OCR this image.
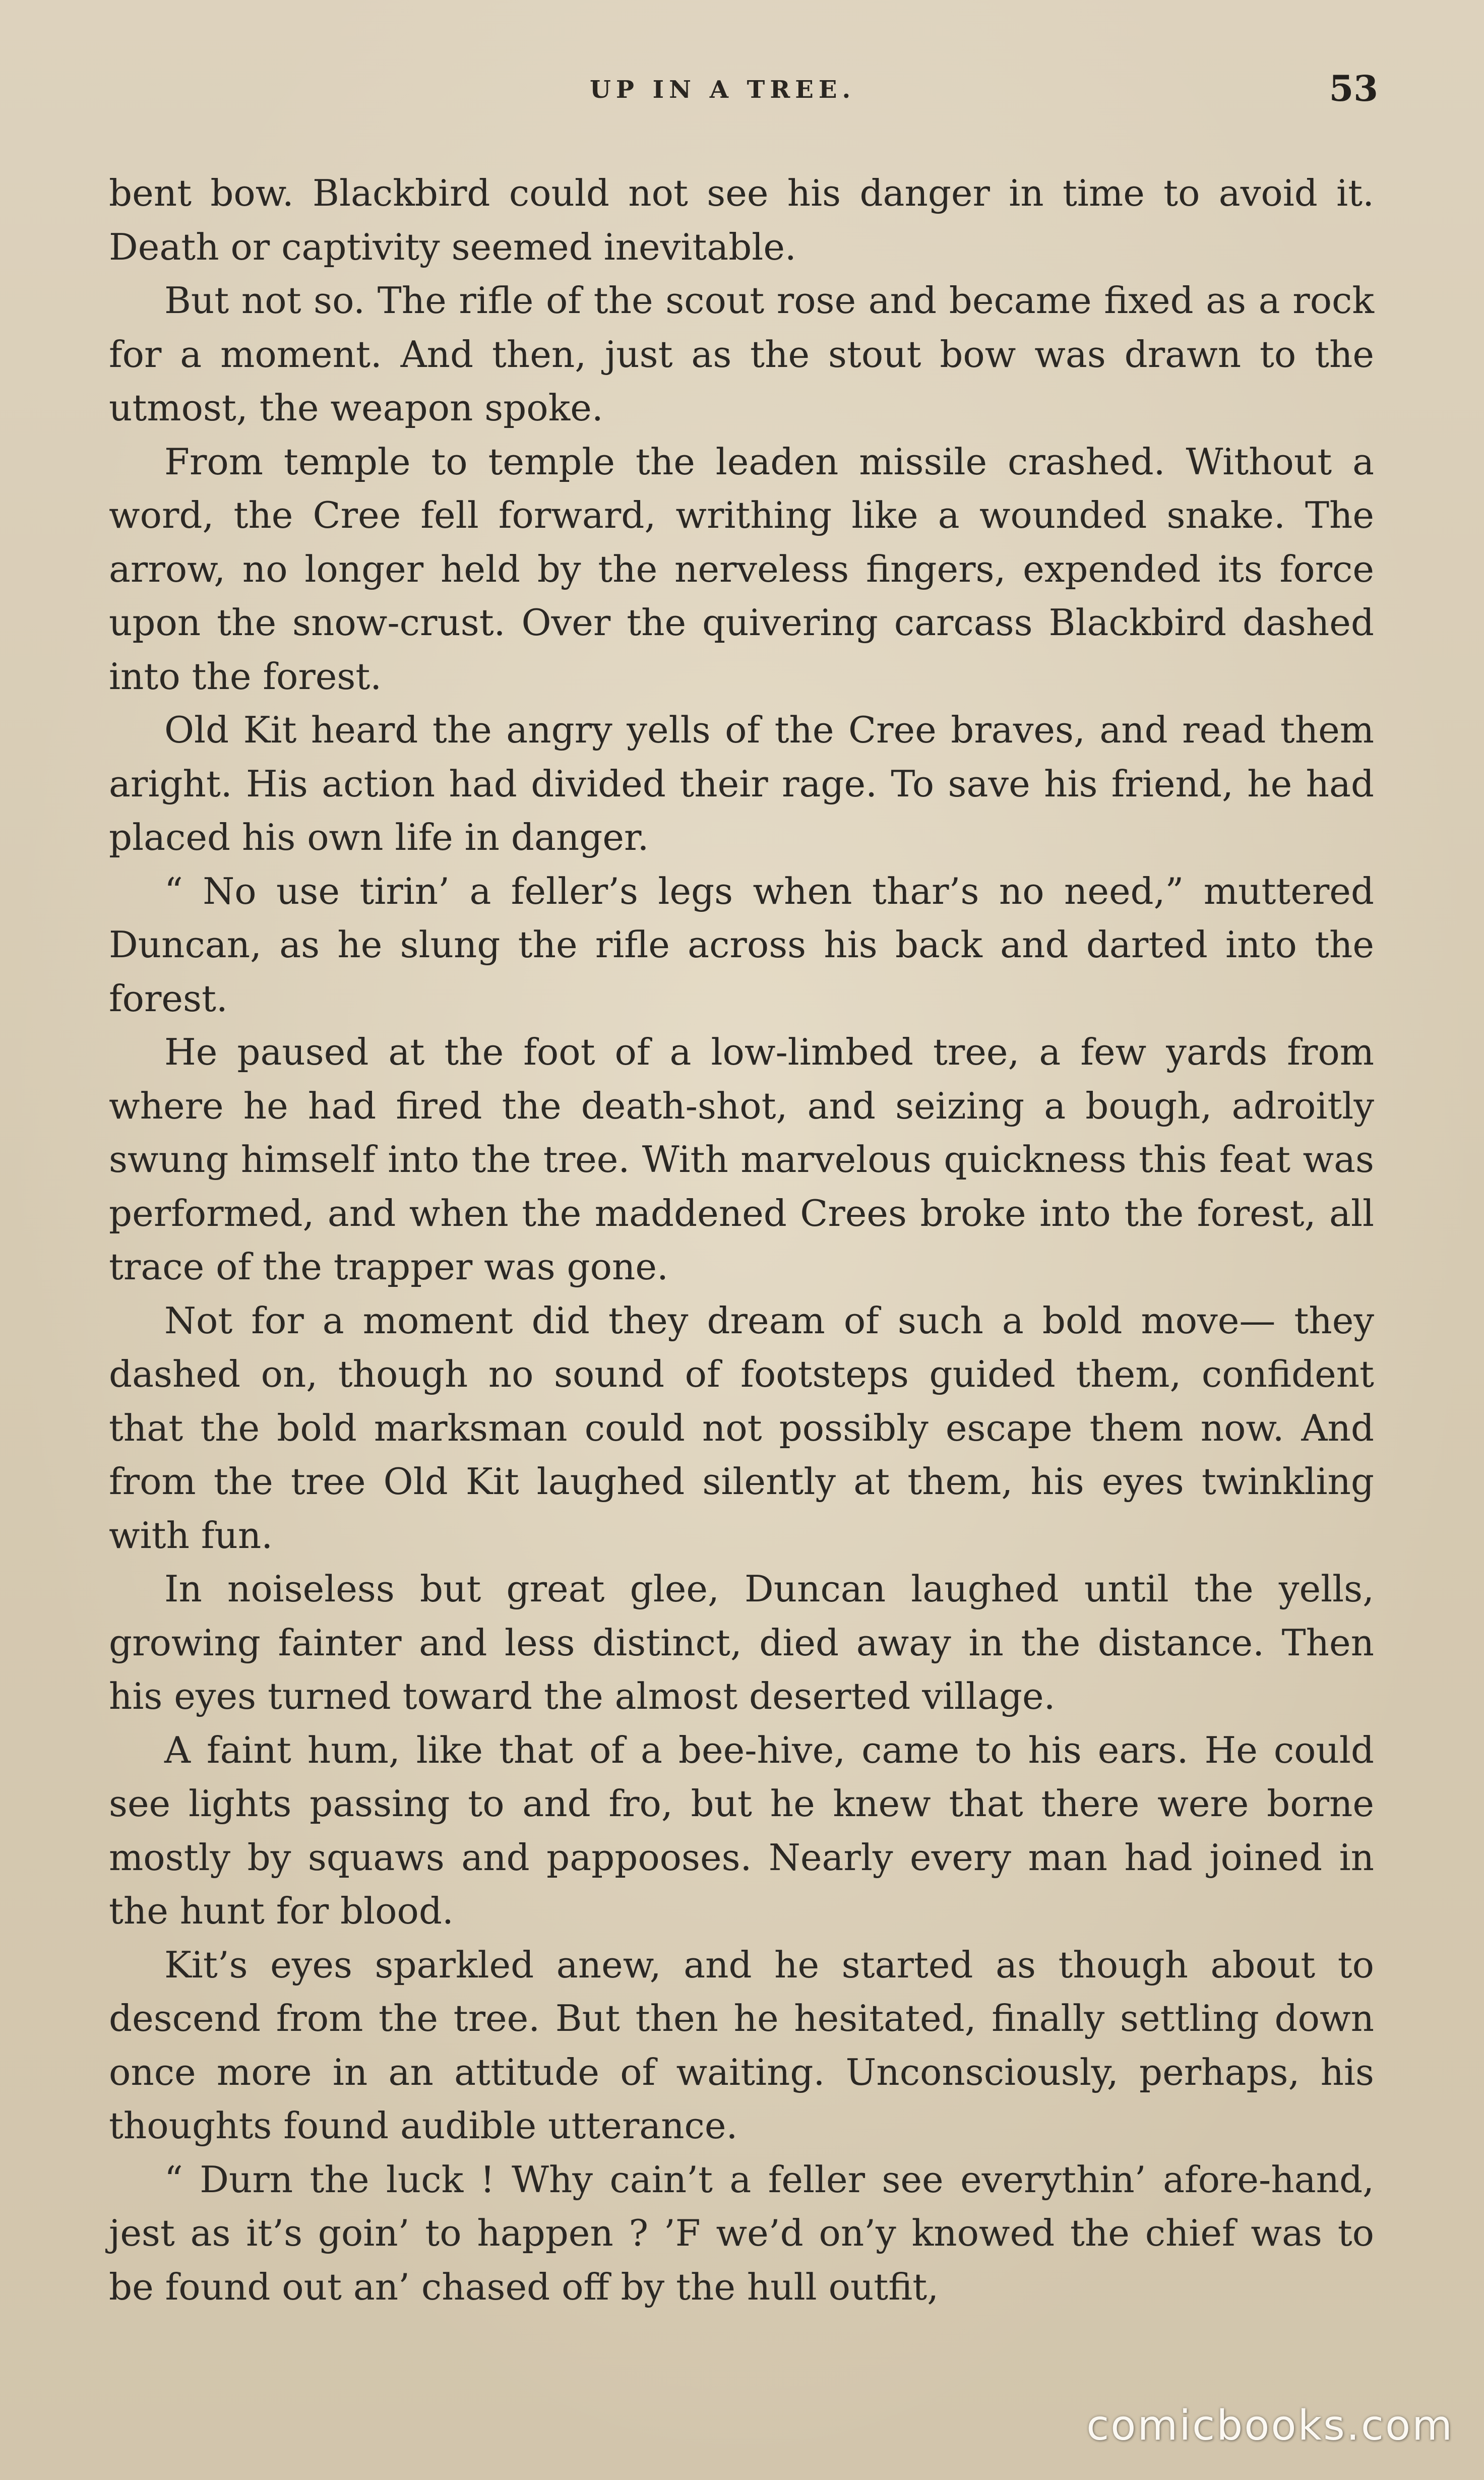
UP IN A TREE.	53

bent bow. Blackbird could not see his danger in time to avoid it. Death or captivity seemed inevitable.

But not so. The rifle of the scout rose and became fixed as a rock for a moment. And then, just as the stout bow was drawn to the utmost, the weapon spoke.

From temple to temple the leaden missile crashed. Without a word, the Cree fell forward, writhing like a wounded snake. The arrow, no longer held by the nerveless fingers, expended its force upon the snow-crust. Over the quivering carcass Blackbird dashed into the forest.

Old Kit heard the angry yells of the Cree braves, and read them aright. His action had divided their rage. To save his friend, he had placed his own life in danger.

“ No use tirin’ a feller’s legs when thar’s no need,” muttered Duncan, as he slung the rifle across his back and darted into the forest.

He paused at the foot of a low-limbed tree, a few yards from where he had fired the death-shot, and seizing a bough, adroitly swung himself into the tree. With marvelous quickness this feat was performed, and when the maddened Crees broke into the forest, all trace of the trapper was gone.

Not for a moment did they dream of such a bold move— they dashed on, though no sound of footsteps guided them, confident that the bold marksman could not possibly escape them now. And from the tree Old Kit laughed silently at them, his eyes twinkling with fun.

In noiseless but great glee, Duncan laughed until the yells, growing fainter and less distinct, died away in the distance. Then his eyes turned toward the almost deserted village.

A faint hum, like that of a bee-hive, came to his ears. He could see lights passing to and fro, but he knew that there were borne mostly by squaws and pappooses. Nearly every man had joined in the hunt for blood.

Kit’s eyes sparkled anew, and he started as though about to descend from the tree. But then he hesitated, finally settling down once more in an attitude of waiting. Unconsciously, perhaps, his thoughts found audible utterance.

“ Durn the luck ! Why cain’t a feller see everythin’ afore-hand, jest as it’s goin’ to happen ? ’F we’d on’y knowed the chief was to be found out an’ chased off by the hull outfit,

comicbooks.com
